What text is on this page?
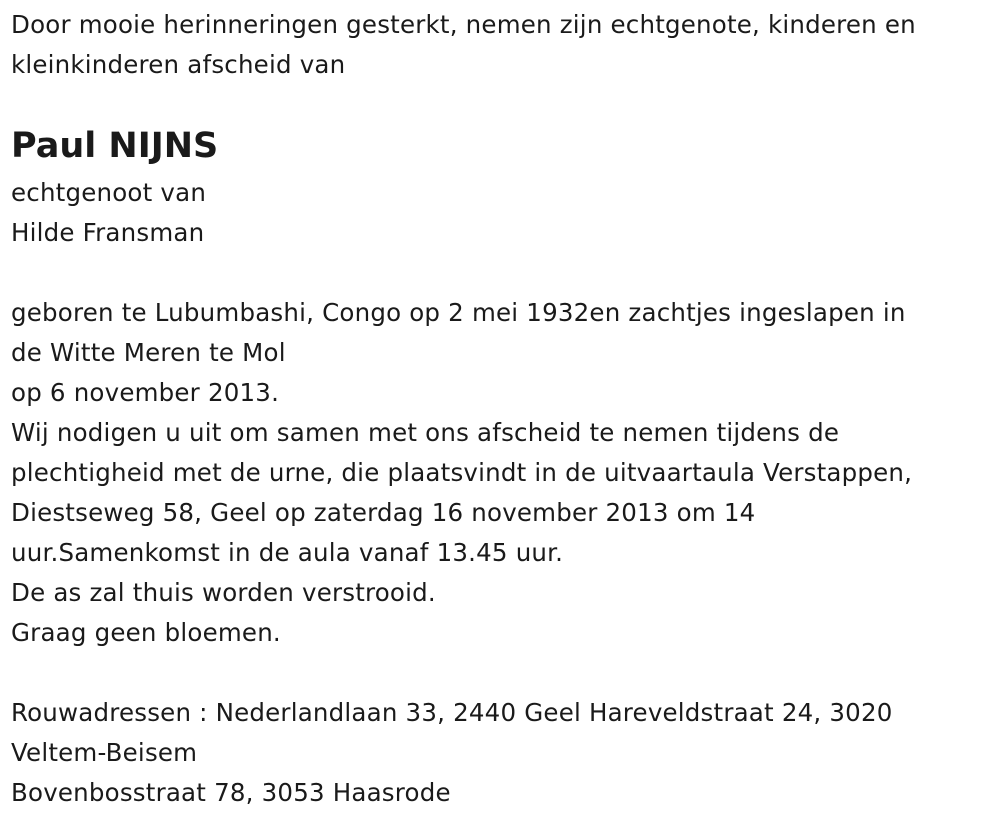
Door mooie herinneringen gesterkt, nemen zijn echtgenote, kinderen en
kleinkinderen afscheid van
Paul NIJNS
echtgenoot van
Hilde Fransman
geboren te Lubumbashi, Congo op 2 mei 1932en zachtjes ingeslapen in
de Witte Meren te Mol
op 6 november 2013.
Wij nodigen u uit om samen met ons afscheid te nemen tijdens de
plechtigheid met de urne, die plaatsvindt in de uitvaartaula Verstappen,
Diestseweg 58, Geel op zaterdag 16 november 2013 om 14
uur.Samenkomst in de aula vanaf 13.45 uur.
De as zal thuis worden verstrooid.
Graag geen bloemen.
Rouwadressen : Nederlandlaan 33, 2440 Geel Hareveldstraat 24, 3020
Veltem-Beisem
Bovenbosstraat 78, 3053 Haasrode
